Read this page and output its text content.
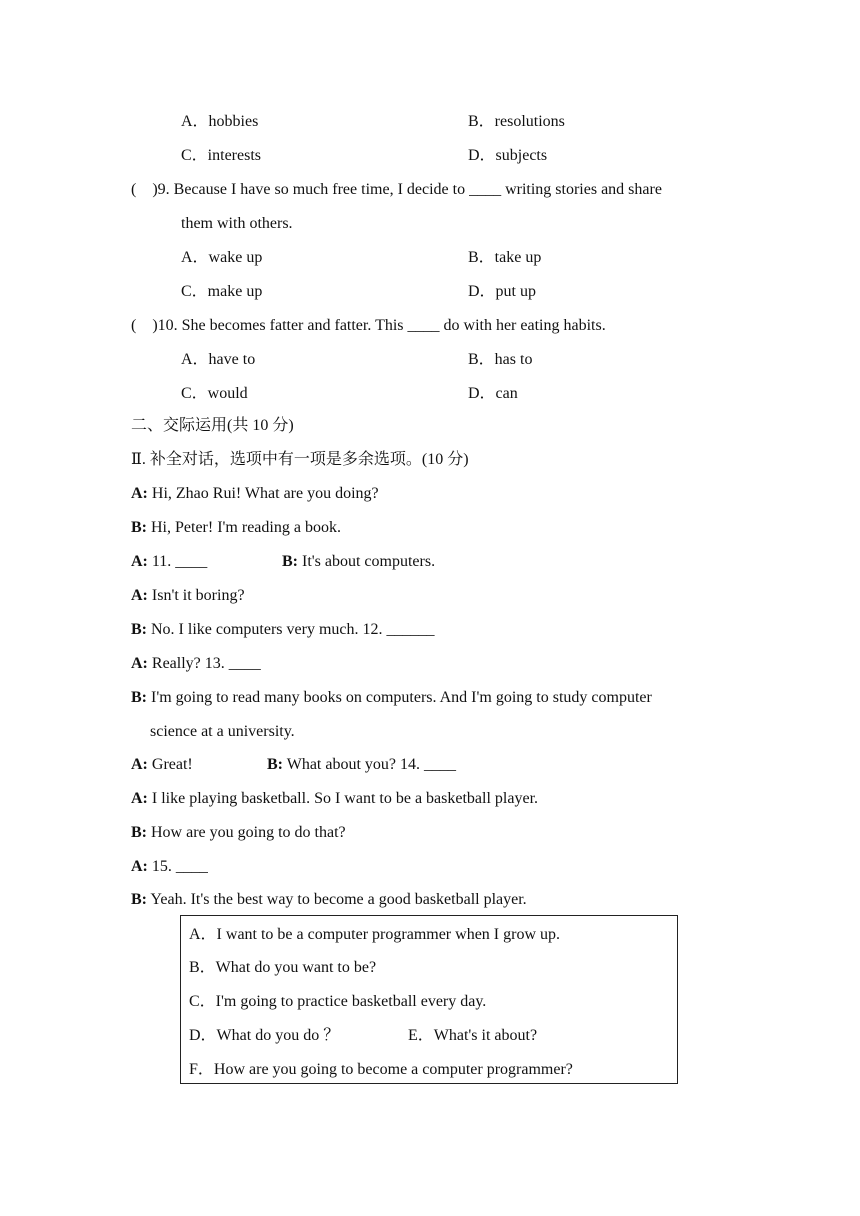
A．hobbies	B．resolutions
C．interests	D．subjects
(    )9. Because I have so much free time, I decide to ____ writing stories and share
them with others.
A．wake up	B．take up
C．make up	D．put up
(    )10. She becomes fatter and fatter. This ____ do with her eating habits.
A．have to	B．has to
C．would	D．can
二、交际运用(共 10 分)
Ⅱ. 补全对话，选项中有一项是多余选项。(10 分)
A: Hi, Zhao Rui! What are you doing?
B: Hi, Peter! I'm reading a book.
A: 11. ____	B: It's about computers.
A: Isn't it boring?
B: No. I like computers very much. 12. ______
A: Really? 13. ____
B: I'm going to read many books on computers. And I'm going to study computer
science at a university.
A: Great!	B: What about you? 14. ____
A: I like playing basketball. So I want to be a basketball player.
B: How are you going to do that?
A: 15. ____
B: Yeah. It's the best way to become a good basketball player.
A．I want to be a computer programmer when I grow up.
B．What do you want to be?
C．I'm going to practice basketball every day.
D．What do you do ？	E．What's it about?
F．How are you going to become a computer programmer?
